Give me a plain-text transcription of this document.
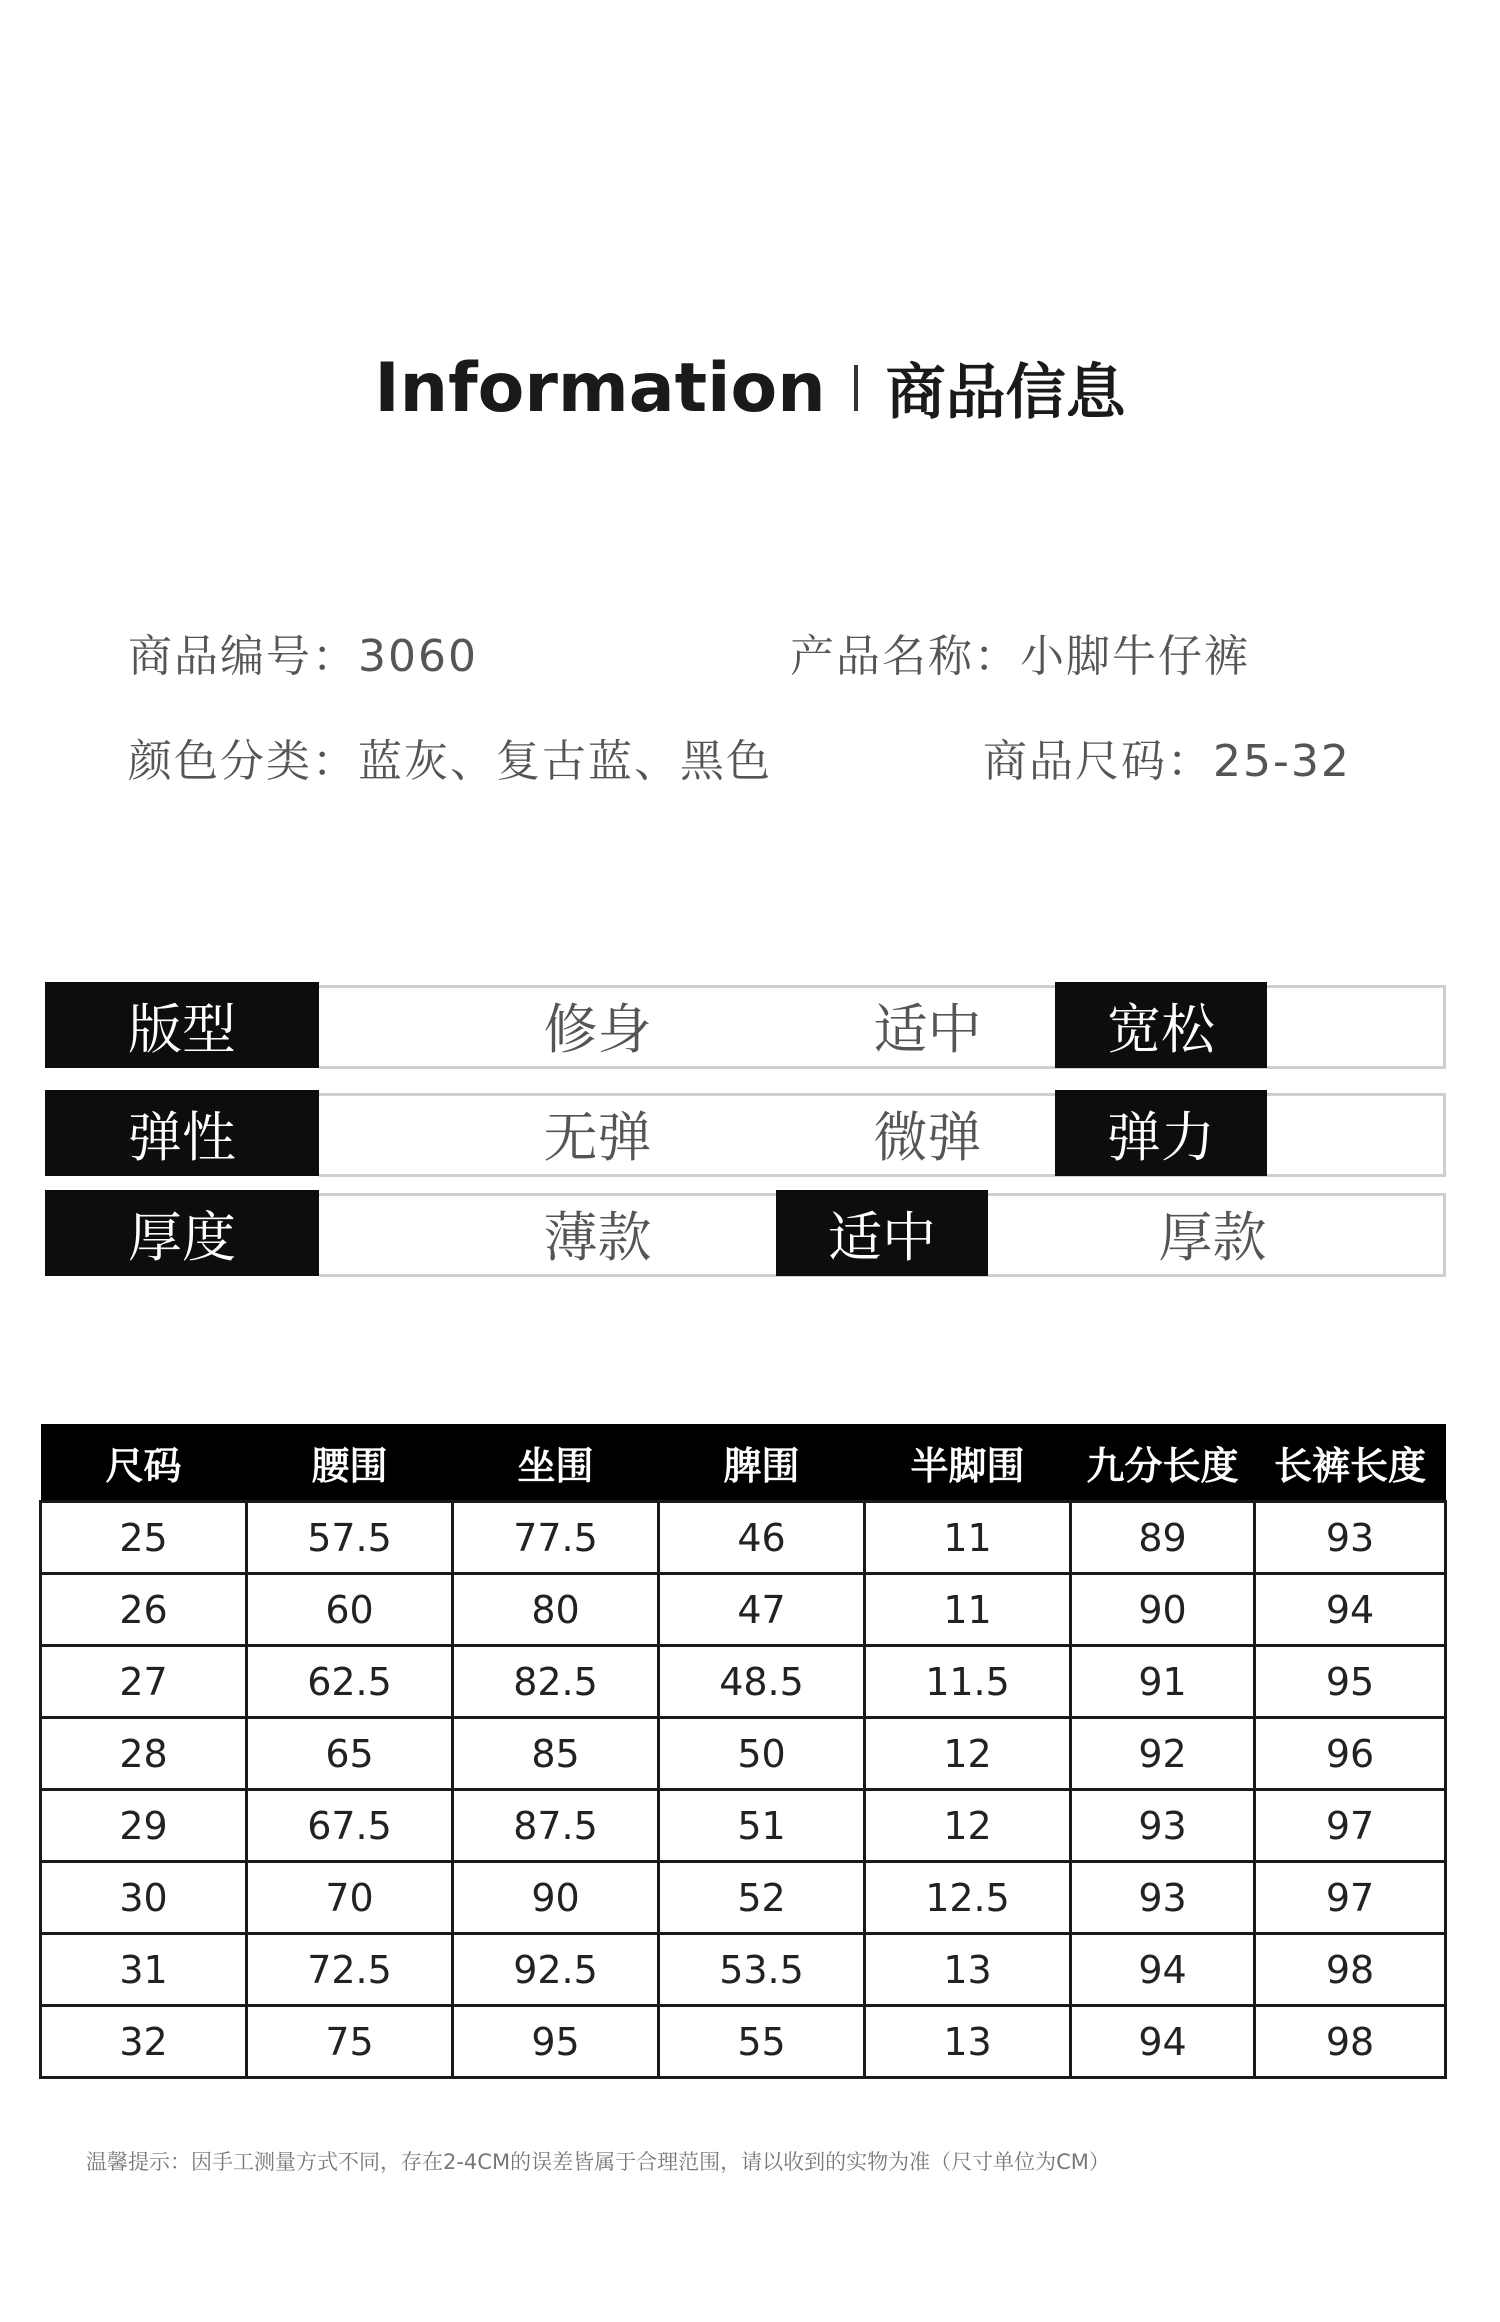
Information 商品信息
商品编号：3060	产品名称：小脚牛仔裤
颜色分类：蓝灰、复古蓝、黑色	商品尺码：25-32
版型	修身	适中	宽松
弹性	无弹	微弹	弹力
厚度	薄款	适中	厚款
尺码	腰围	坐围	脾围	半脚围	九分长度	长裤长度
25	57.5	77.5	46	11	89	93
26	60	80	47	11	90	94
27	62.5	82.5	48.5	11.5	91	95
28	65	85	50	12	92	96
29	67.5	87.5	51	12	93	97
30	70	90	52	12.5	93	97
31	72.5	92.5	53.5	13	94	98
32	75	95	55	13	94	98
温馨提示：因手工测量方式不同，存在2-4CM的误差皆属于合理范围，请以收到的实物为准（尺寸单位为CM）
